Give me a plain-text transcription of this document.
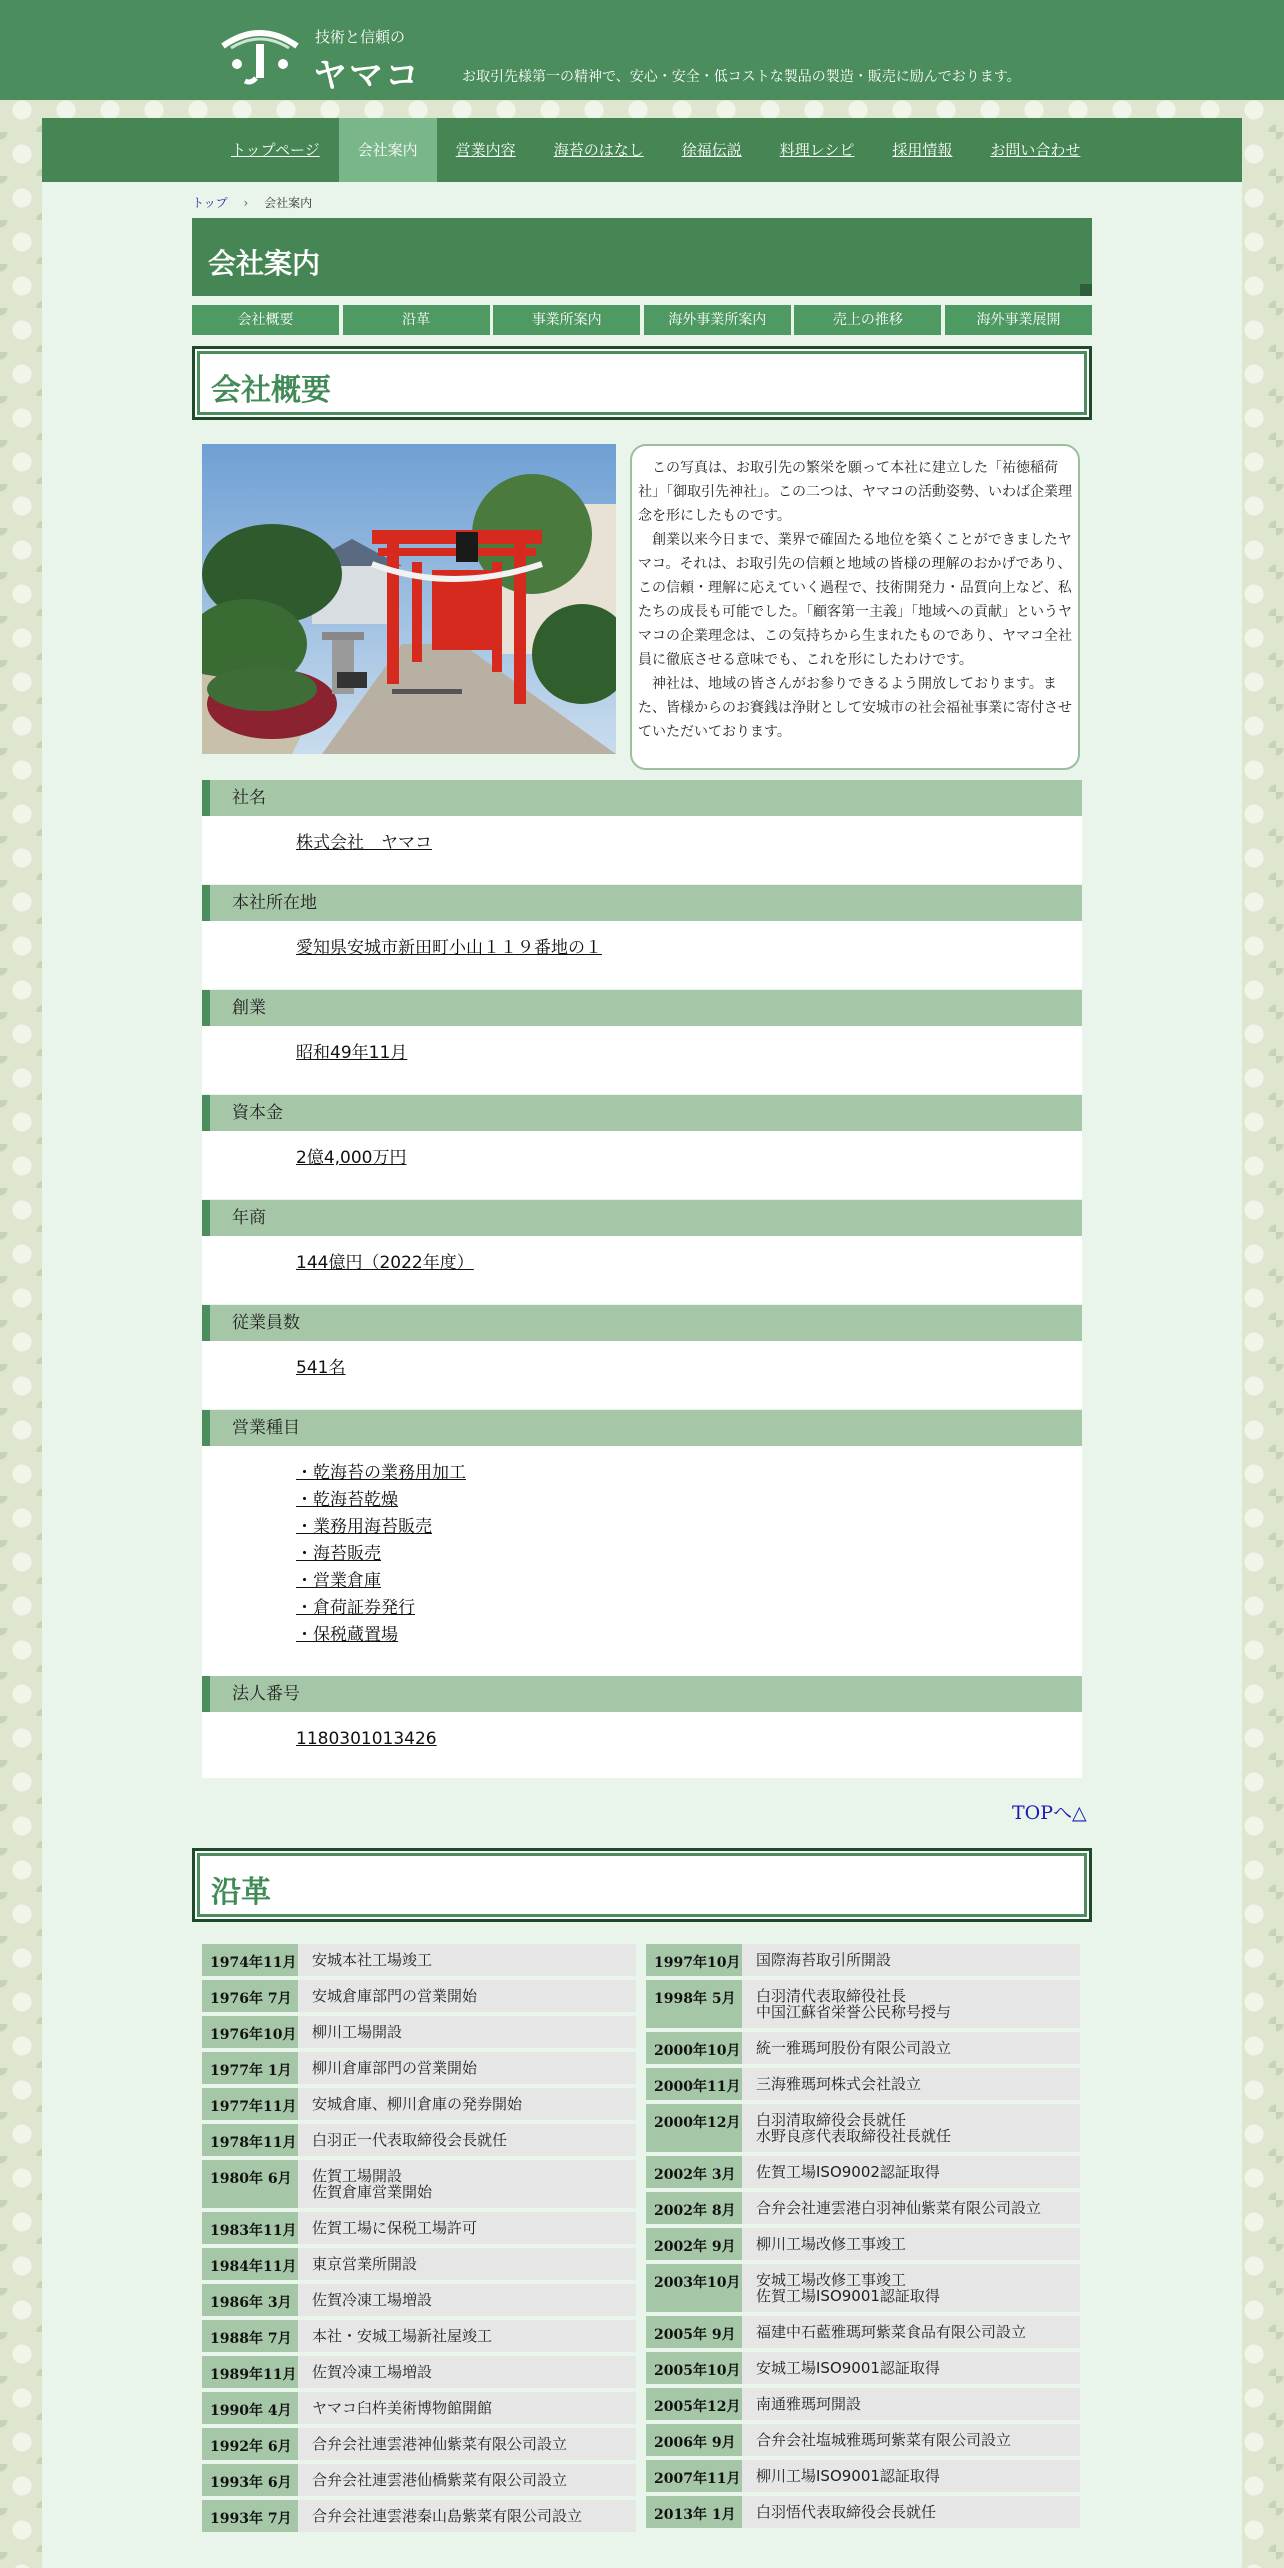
技術と信頼の
ヤマコ	お取引先様第一の精神で、安心・安全・低コストな製品の製造・販売に励んでおります。
トップページ	会社案内	営業内容	海苔のはなし	徐福伝説	料理レシピ	採用情報	お問い合わせ
トップ › 会社案内
会社案内
会社概要	沿革	事業所案内	海外事業所案内	売上の推移	海外事業展開
会社概要

この写真は、お取引先の繁栄を願って本社に建立した「祐徳稲荷社」「御取引先神社」。この二つは、ヤマコの活動姿勢、いわば企業理念を形にしたものです。

創業以来今日まで、業界で確固たる地位を築くことができましたヤマコ。それは、お取引先の信頼と地域の皆様の理解のおかげであり、この信頼・理解に応えていく過程で、技術開発力・品質向上など、私たちの成長も可能でした。「顧客第一主義」「地域への貢献」というヤマコの企業理念は、この気持ちから生まれたものであり、ヤマコ全社員に徹底させる意味でも、これを形にしたわけです。

神社は、地域の皆さんがお参りできるよう開放しております。また、皆様からのお賽銭は浄財として安城市の社会福祉事業に寄付させていただいております。

社名
株式会社　ヤマコ
本社所在地
愛知県安城市新田町小山１１９番地の１
創業
昭和49年11月
資本金
2億4,000万円
年商
144億円（2022年度）
従業員数
541名
営業種目
・乾海苔の業務用加工
・乾海苔乾燥
・業務用海苔販売
・海苔販売
・営業倉庫
・倉荷証券発行
・保税蔵置場
法人番号
1180301013426
TOPへ△
沿革
1974年11月 安城本社工場竣工
1976年 7月	安城倉庫部門の営業開始
1976年10月 柳川工場開設
1977年 1月	柳川倉庫部門の営業開始
1977年11月 安城倉庫、柳川倉庫の発券開始
1978年11月 白羽正一代表取締役会長就任
1980年 6月	佐賀工場開設
佐賀倉庫営業開始
1983年11月 佐賀工場に保税工場許可
1984年11月 東京営業所開設
1986年 3月	佐賀冷凍工場増設
1988年 7月	本社・安城工場新社屋竣工
1989年11月 佐賀冷凍工場増設
1990年 4月	ヤマコ臼杵美術博物館開館
1992年 6月	合弁会社連雲港神仙紫菜有限公司設立
1993年 6月	合弁会社連雲港仙橋紫菜有限公司設立
1993年 7月	合弁会社連雲港秦山島紫菜有限公司設立
1997年10月 国際海苔取引所開設
1998年 5月	白羽清代表取締役社長
中国江蘇省栄誉公民称号授与
2000年10月 統一雅瑪珂股份有限公司設立
2000年11月 三海雅瑪珂株式会社設立
2000年12月 白羽清取締役会長就任
水野良彦代表取締役社長就任
2002年 3月	佐賀工場ISO9002認証取得
2002年 8月	合弁会社連雲港白羽神仙紫菜有限公司設立
2002年 9月	柳川工場改修工事竣工
2003年10月 安城工場改修工事竣工
佐賀工場ISO9001認証取得
2005年 9月	福建中石藍雅瑪珂紫菜食品有限公司設立
2005年10月 安城工場ISO9001認証取得
2005年12月 南通雅瑪珂開設
2006年 9月	合弁会社塩城雅瑪珂紫菜有限公司設立
2007年11月 柳川工場ISO9001認証取得
2013年 1月	白羽悟代表取締役会長就任
